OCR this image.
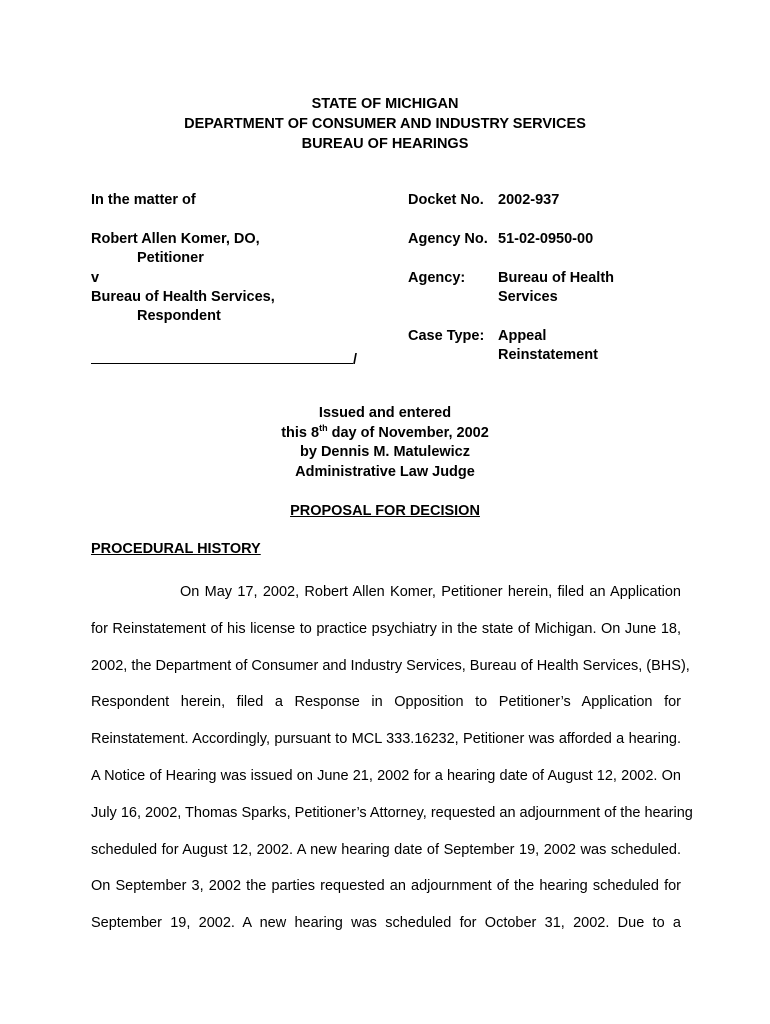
STATE OF MICHIGAN
DEPARTMENT OF CONSUMER AND INDUSTRY SERVICES
BUREAU OF HEARINGS
In the matter of
Robert Allen Komer, DO,
Petitioner
v
Bureau of Health Services,
Respondent
/
Docket No. 2002-937
Agency No. 51-02-0950-00
Agency: Bureau of Health
Services
Case Type: Appeal
Reinstatement
Issued and entered
this 8th day of November, 2002
by Dennis M. Matulewicz
Administrative Law Judge
PROPOSAL FOR DECISION
PROCEDURAL HISTORY
On May 17, 2002, Robert Allen Komer, Petitioner herein, filed an Application
for Reinstatement of his license to practice psychiatry in the state of Michigan. On June 18,
2002, the Department of Consumer and Industry Services, Bureau of Health Services, (BHS),
Respondent herein, filed a Response in Opposition to Petitioner’s Application for
Reinstatement. Accordingly, pursuant to MCL 333.16232, Petitioner was afforded a hearing.
A Notice of Hearing was issued on June 21, 2002 for a hearing date of August 12, 2002. On
July 16, 2002, Thomas Sparks, Petitioner’s Attorney, requested an adjournment of the hearing
scheduled for August 12, 2002. A new hearing date of September 19, 2002 was scheduled.
On September 3, 2002 the parties requested an adjournment of the hearing scheduled for
September 19, 2002. A new hearing was scheduled for October 31, 2002. Due to a
